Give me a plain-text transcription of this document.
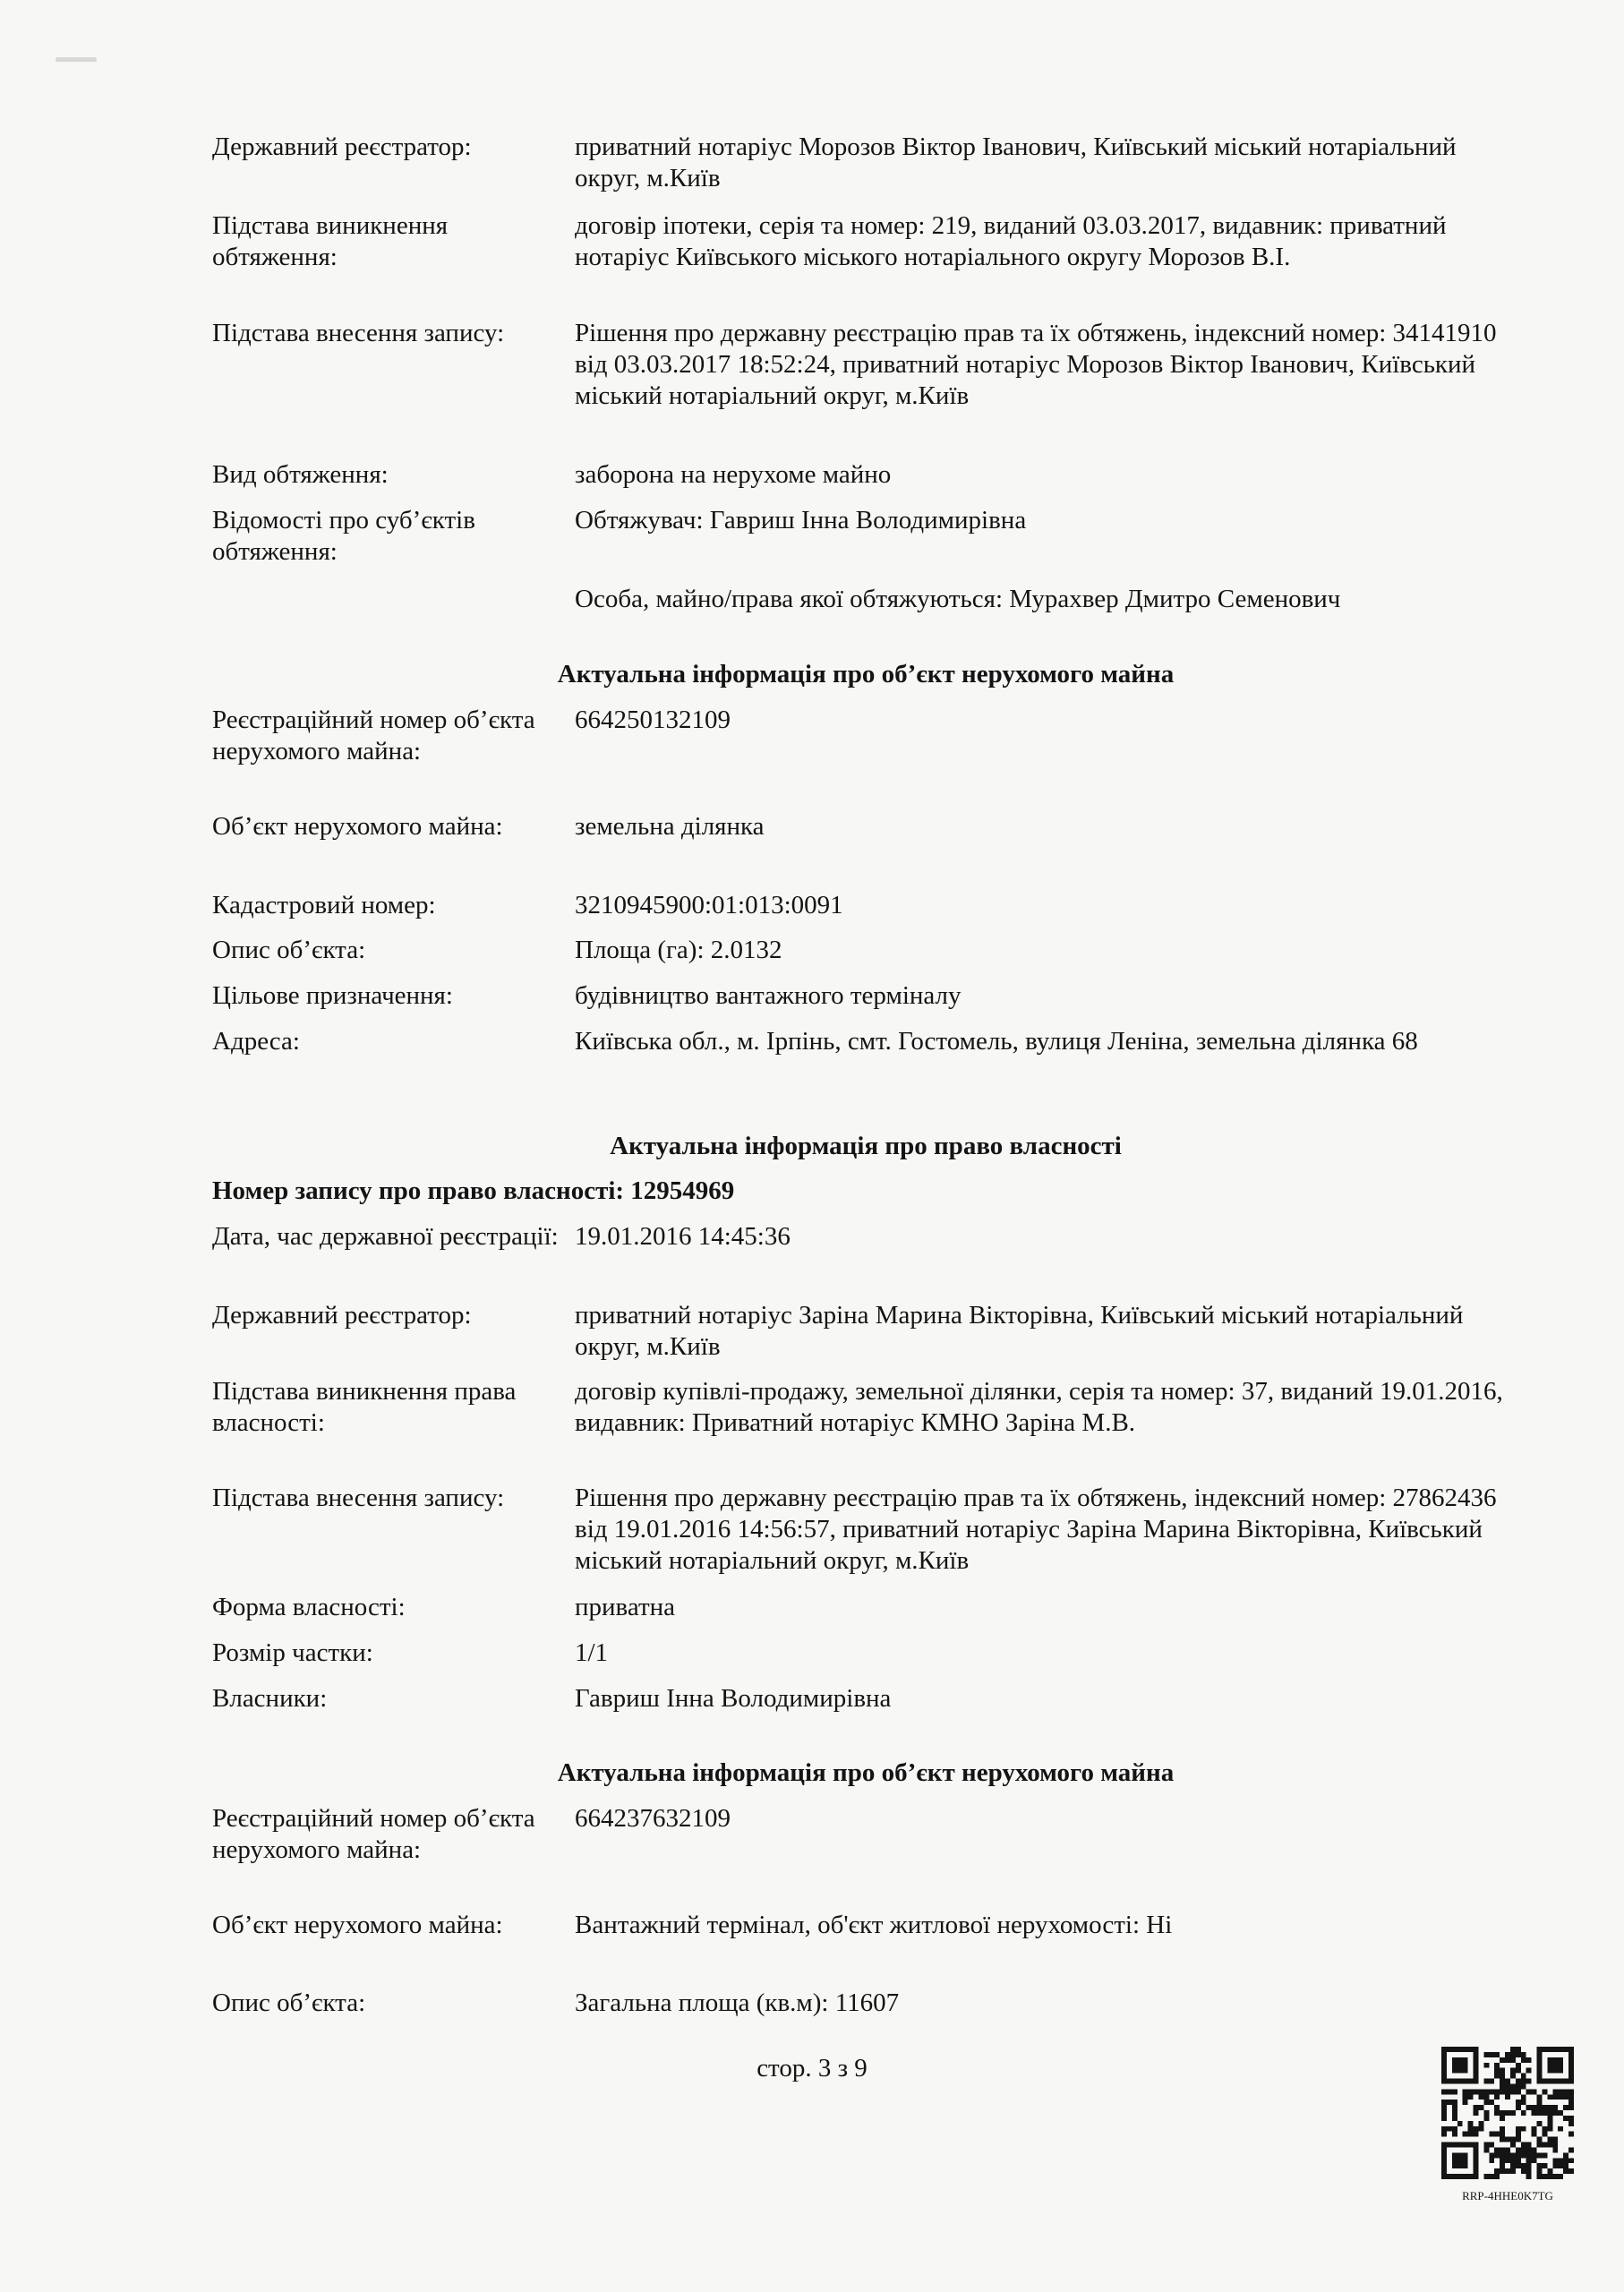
Державний реєстратор:	приватний нотаріус Морозов Віктор Іванович, Київський міський нотаріальний округ, м.Київ
Підстава виникнення обтяження:
договір іпотеки, серія та номер: 219, виданий 03.03.2017, видавник: приватний нотаріус Київського міського нотаріального округу Морозов В.І.
Підстава внесення запису:	Рішення про державну реєстрацію прав та їх обтяжень, індексний номер: 34141910 від 03.03.2017 18:52:24, приватний нотаріус Морозов Віктор Іванович, Київський міський нотаріальний округ, м.Київ
Вид обтяження:	заборона на нерухоме майно
Відомості про суб’єктів обтяження:
Обтяжувач: Гавриш Інна Володимирівна
Особа, майно/права якої обтяжуються: Мурахвер Дмитро Семенович
Актуальна інформація про об’єкт нерухомого майна
Реєстраційний номер об’єкта нерухомого майна:
664250132109
Об’єкт нерухомого майна:	земельна ділянка
Кадастровий номер:	3210945900:01:013:0091
Опис об’єкта:	Площа (га): 2.0132
Цільове призначення:	будівництво вантажного терміналу
Адреса:	Київська обл., м. Ірпінь, смт. Гостомель, вулиця Леніна, земельна ділянка 68
Актуальна інформація про право власності
Номер запису про право власності: 12954969
Дата, час державної реєстрації: 19.01.2016 14:45:36
Державний реєстратор:	приватний нотаріус Заріна Марина Вікторівна, Київський міський нотаріальний округ, м.Київ
Підстава виникнення права власності:
договір купівлі-продажу, земельної ділянки, серія та номер: 37, виданий 19.01.2016, видавник: Приватний нотаріус КМНО Заріна М.В.
Підстава внесення запису:	Рішення про державну реєстрацію прав та їх обтяжень, індексний номер: 27862436 від 19.01.2016 14:56:57, приватний нотаріус Заріна Марина Вікторівна, Київський міський нотаріальний округ, м.Київ
Форма власності:	приватна
Розмір частки:	1/1
Власники:	Гавриш Інна Володимирівна
Актуальна інформація про об’єкт нерухомого майна
Реєстраційний номер об’єкта нерухомого майна:
664237632109
Об’єкт нерухомого майна:	Вантажний термінал, об'єкт житлової нерухомості: Ні
Опис об’єкта:	Загальна площа (кв.м): 11607
стор. 3 з 9
RRP-4HHE0K7TG
